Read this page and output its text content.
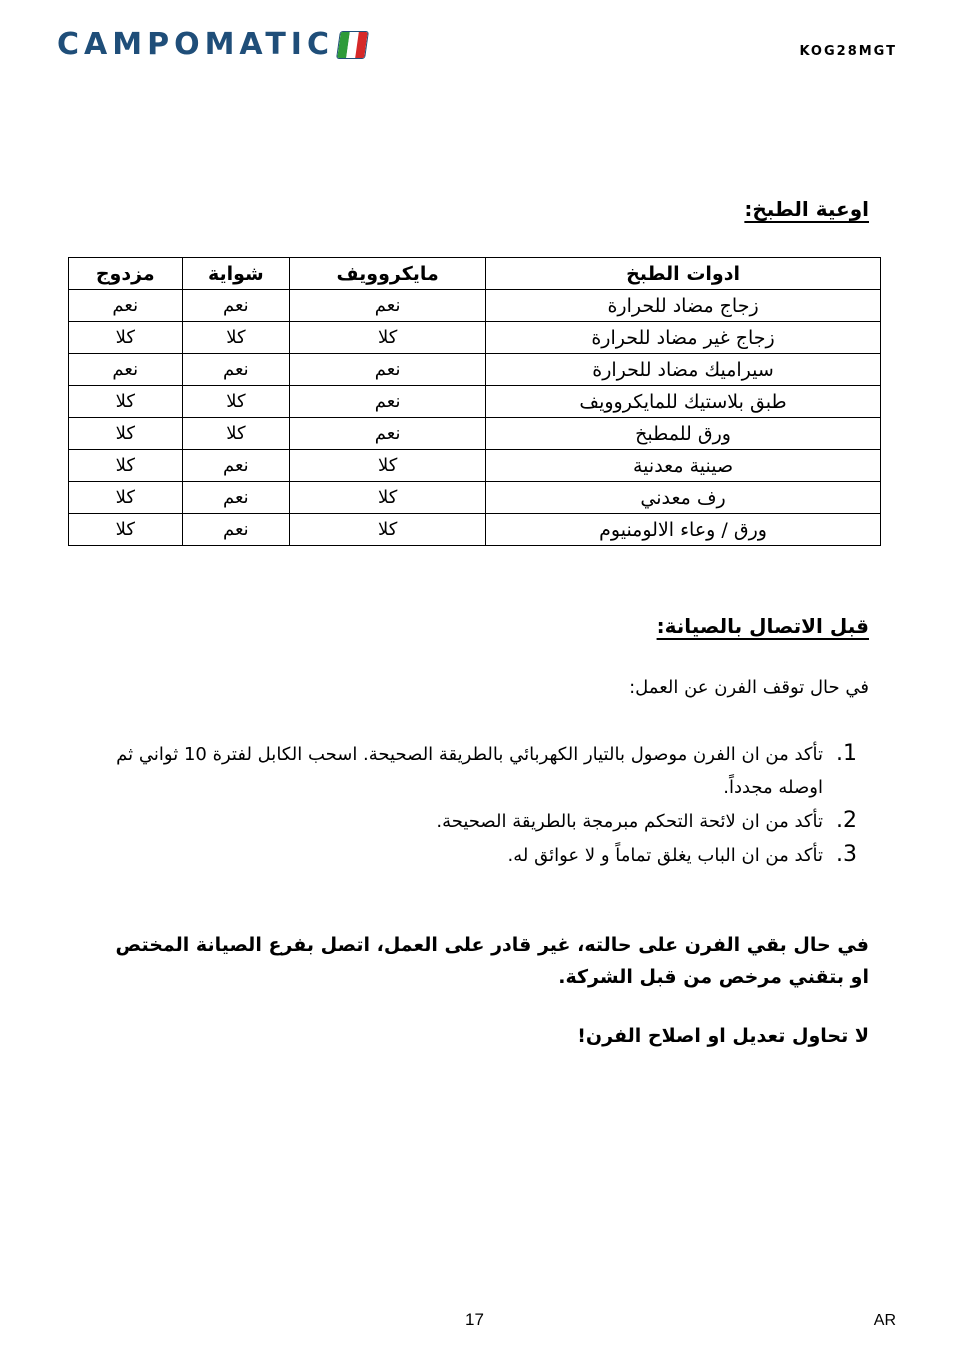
CAMPOMATIC	KOG28MGT
اوعية الطبخ:
ادوات الطبخ	مايكروويف	شواية	مزدوج
زجاج مضاد للحرارة	نعم	نعم	نعم
زجاج غير مضاد للحرارة	كلا	كلا	كلا
سيراميك مضاد للحرارة	نعم	نعم	نعم
طبق بلاستيك للمايكروويف	نعم	كلا	كلا
ورق للمطبخ	نعم	كلا	كلا
صينية معدنية	كلا	نعم	كلا
رف معدني	كلا	نعم	كلا
ورق / وعاء الالومنيوم	كلا	نعم	كلا
قبل الاتصال بالصيانة:
في حال توقف الفرن عن العمل:
1. تأكد من ان الفرن موصول بالتيار الكهربائي بالطريقة الصحيحة. اسحب الكابل لفترة 10 ثواني ثم اوصله مجدداً.
2. تأكد من ان لائحة التحكم مبرمجة بالطريقة الصحيحة.
3. تأكد من ان الباب يغلق تماماً و لا عوائق له.
في حال بقي الفرن على حالته، غير قادر على العمل، اتصل بفرع الصيانة المختص او بتقني مرخص من قبل الشركة.
لا تحاول تعديل او اصلاح الفرن!
17	AR
